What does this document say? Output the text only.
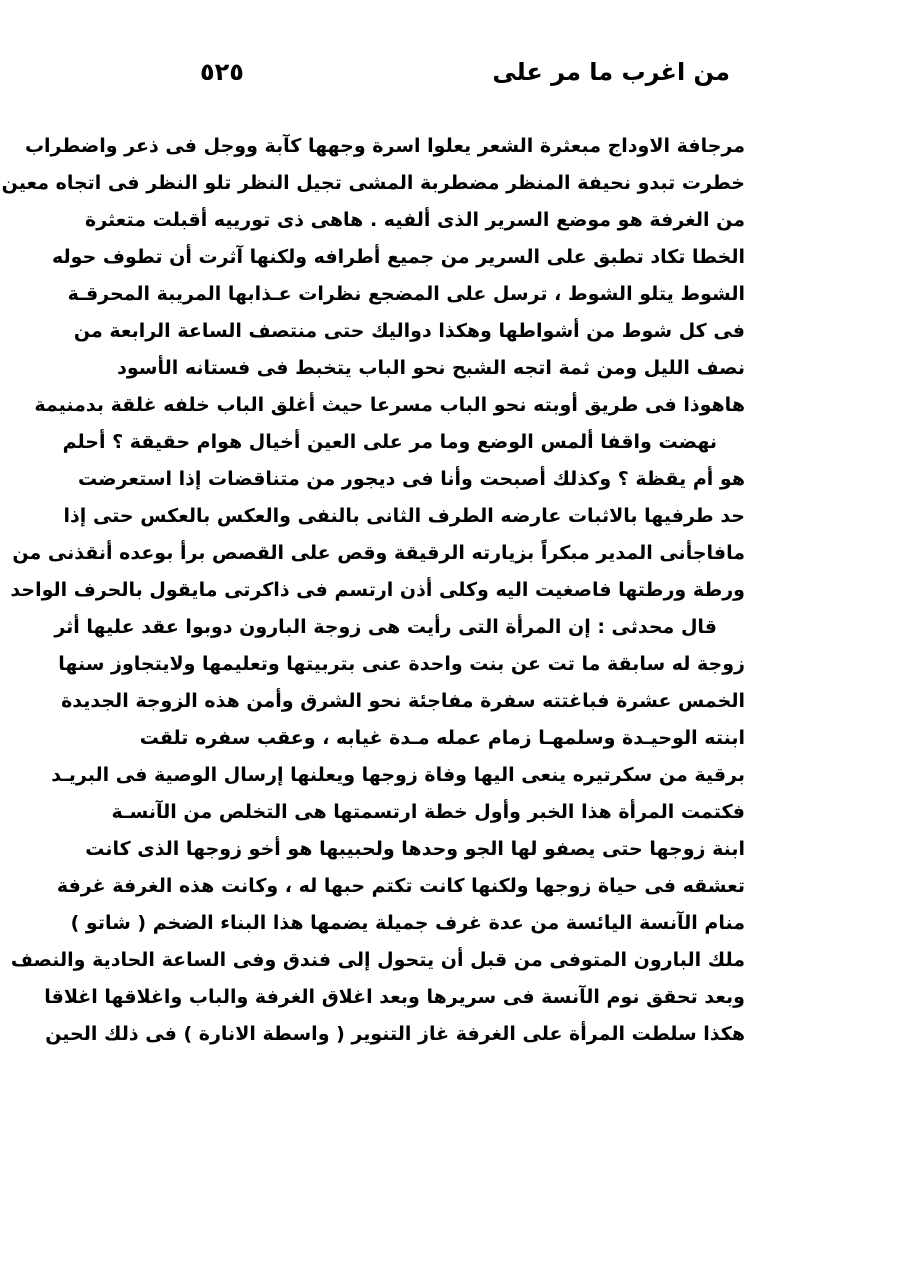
٥٢٥	من اغرب ما مر على
مرجافة الاوداج مبعثرة الشعر يعلوا اسرة وجهها كآبة ووجل فى ذعر واضطراب
خطرت تبدو نحيفة المنظر مضطربة المشى تجيل النظر تلو النظر فى اتجاه معين
من الغرفة هو موضع السرير الذى ألفيه . هاهى ذى تورييه أقبلت متعثرة
الخطا تكاد تطبق على السرير من جميع أطرافه ولكنها آثرت أن تطوف حوله
الشوط يتلو الشوط ، ترسل على المضجع نظرات عـذابها المريبة المحرقـة
فى كل شوط من أشواطها وهكذا دواليك حتى منتصف الساعة الرابعة من
نصف الليل ومن ثمة اتجه الشبح نحو الباب يتخبط فى فستانه الأسود
هاهوذا فى طريق أوبته نحو الباب مسرعا حيث أغلق الباب خلفه غلقة بدمنيمة
نهضت واقفا ألمس الوضع وما مر على العين أخيال هوام حقيقة ؟ أحلم
هو أم يقظة ؟ وكذلك أصبحت وأنا فى ديجور من متناقضات إذا استعرضت
حد طرفيها بالاثبات عارضه الطرف الثانى بالنفى والعكس بالعكس حتى إذا
مافاجأنى المدير مبكراً بزيارته الرقيقة وقص على القصص برأ بوعده أنقذنى من
ورطة ورطتها فاصغيت اليه وكلى أذن ارتسم فى ذاكرتى مايقول بالحرف الواحد
قال محدثى : إن المرأة التى رأيت هى زوجة البارون دوبوا عقد عليها أثر
زوجة له سابقة ما تت عن بنت واحدة عنى بتربيتها وتعليمها ولايتجاوز سنها
الخمس عشرة فباغتته سفرة مفاجئة نحو الشرق وأمن هذه الزوجة الجديدة
ابنته الوحيـدة وسلمهـا زمام عمله مـدة غيابه ، وعقب سفره تلقت
برقية من سكرتيره ينعى اليها وفاة زوجها ويعلنها إرسال الوصية فى البريـد
فكتمت المرأة هذا الخبر وأول خطة ارتسمتها هى التخلص من الآنسـة
ابنة زوجها حتى يصفو لها الجو وحدها ولحبيبها هو أخو زوجها الذى كانت
تعشقه فى حياة زوجها ولكنها كانت تكتم حبها له ، وكانت هذه الغرفة غرفة
منام الآنسة اليائسة من عدة غرف جميلة يضمها هذا البناء الضخم ( شاتو )
ملك البارون المتوفى من قبل أن يتحول إلى فندق وفى الساعة الحادية والنصف
وبعد تحقق نوم الآنسة فى سريرها وبعد اغلاق الغرفة والباب واغلاقها اغلاقا
هكذا سلطت المرأة على الغرفة غاز التنوير ( واسطة الانارة ) فى ذلك الحين
